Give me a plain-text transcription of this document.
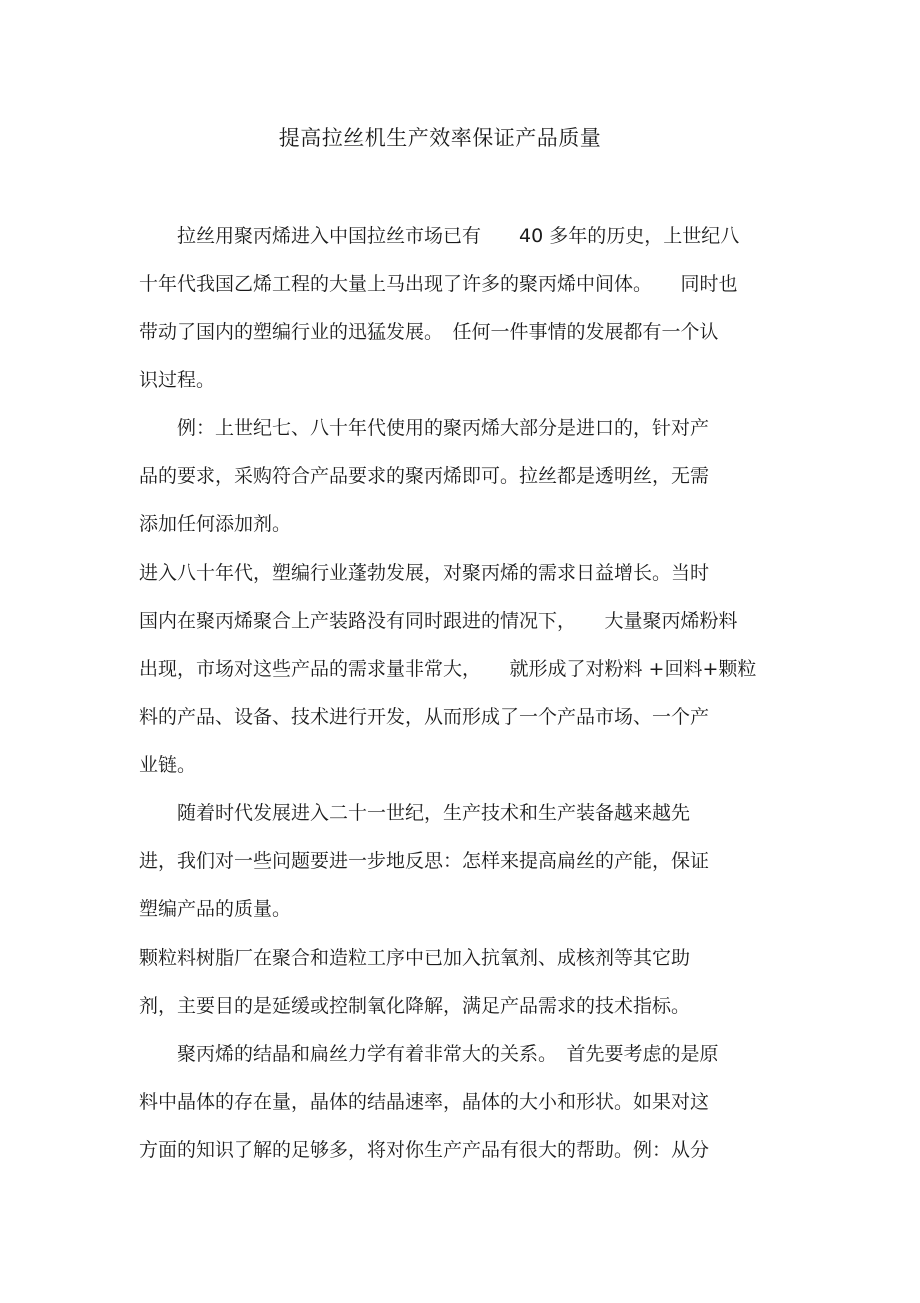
提高拉丝机生产效率保证产品质量
　　拉丝用聚丙烯进入中国拉丝市场已有　　40 多年的历史，上世纪八
十年代我国乙烯工程的大量上马出现了许多的聚丙烯中间体。　　同时也
带动了国内的塑编行业的迅猛发展。　任何一件事情的发展都有一个认
识过程。
　　例：上世纪七、八十年代使用的聚丙烯大部分是进口的，针对产
品的要求，采购符合产品要求的聚丙烯即可。拉丝都是透明丝，无需
添加任何添加剂。
进入八十年代，塑编行业蓬勃发展，对聚丙烯的需求日益增长。当时
国内在聚丙烯聚合上产装路没有同时跟进的情况下，　　大量聚丙烯粉料
出现，市场对这些产品的需求量非常大，　　就形成了对粉料 +回料+颗粒
料的产品、设备、技术进行开发，从而形成了一个产品市场、一个产
业链。
　　随着时代发展进入二十一世纪，生产技术和生产装备越来越先
进，我们对一些问题要进一步地反思：怎样来提高扁丝的产能，保证
塑编产品的质量。
颗粒料树脂厂在聚合和造粒工序中已加入抗氧剂、成核剂等其它助
剂，主要目的是延缓或控制氧化降解，满足产品需求的技术指标。
　　聚丙烯的结晶和扁丝力学有着非常大的关系。　首先要考虑的是原
料中晶体的存在量，晶体的结晶速率，晶体的大小和形状。如果对这
方面的知识了解的足够多，将对你生产产品有很大的帮助。例：从分
